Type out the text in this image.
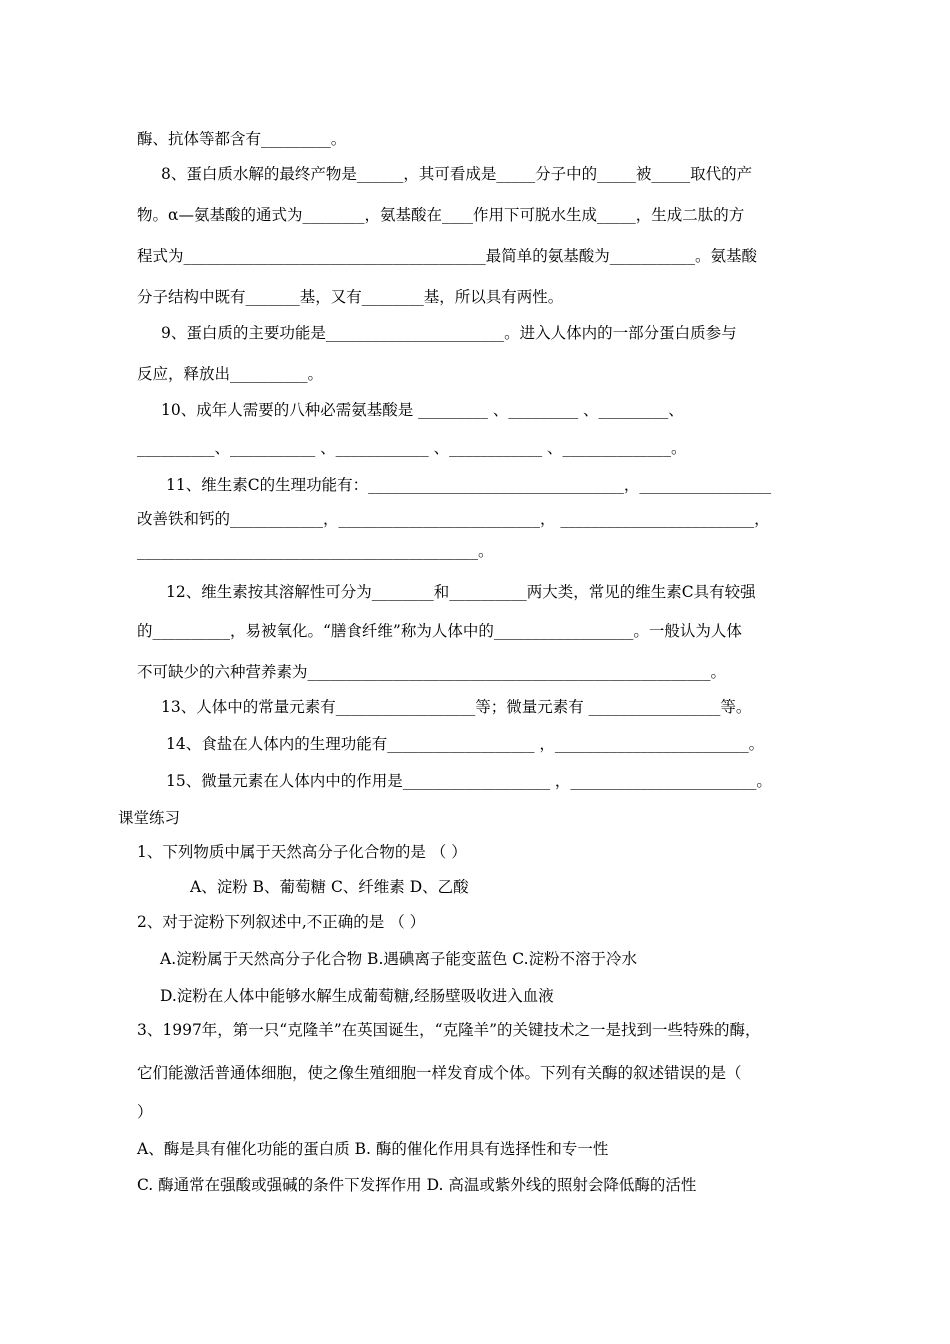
酶、抗体等都含有_________。
8、蛋白质水解的最终产物是______，其可看成是_____分子中的_____被_____取代的产
物。α—氨基酸的通式为________，氨基酸在____作用下可脱水生成_____，生成二肽的方
程式为_______________________________________最简单的氨基酸为___________。氨基酸
分子结构中既有_______基，又有________基，所以具有两性。
9、蛋白质的主要功能是_______________________。进入人体内的一部分蛋白质参与
反应，释放出__________。
10、成年人需要的八种必需氨基酸是 _________ 、_________ 、_________、
__________、___________ 、____________ 、____________ 、______________。
11、维生素C的生理功能有：_________________________________，_________________
改善铁和钙的____________，__________________________， _________________________，
____________________________________________。
12、维生素按其溶解性可分为________和__________两大类，常见的维生素C具有较强
的__________，易被氧化。“膳食纤维”称为人体中的__________________。一般认为人体
不可缺少的六种营养素为____________________________________________________。
13、人体中的常量元素有__________________等；微量元素有 _________________等。
14、食盐在人体内的生理功能有___________________ ，_________________________。
15、微量元素在人体内中的作用是___________________ ，________________________。
课堂练习
1、下列物质中属于天然高分子化合物的是 （ ）
A、淀粉 B、葡萄糖 C、纤维素 D、乙酸
2、对于淀粉下列叙述中,不正确的是 （ ）
A.淀粉属于天然高分子化合物 B.遇碘离子能变蓝色 C.淀粉不溶于冷水
D.淀粉在人体中能够水解生成葡萄糖,经肠壁吸收进入血液
3、1997年，第一只“克隆羊”在英国诞生，“克隆羊”的关键技术之一是找到一些特殊的酶，
它们能激活普通体细胞，使之像生殖细胞一样发育成个体。下列有关酶的叙述错误的是（
）
A、酶是具有催化功能的蛋白质 B. 酶的催化作用具有选择性和专一性
C. 酶通常在强酸或强碱的条件下发挥作用 D. 高温或紫外线的照射会降低酶的活性
